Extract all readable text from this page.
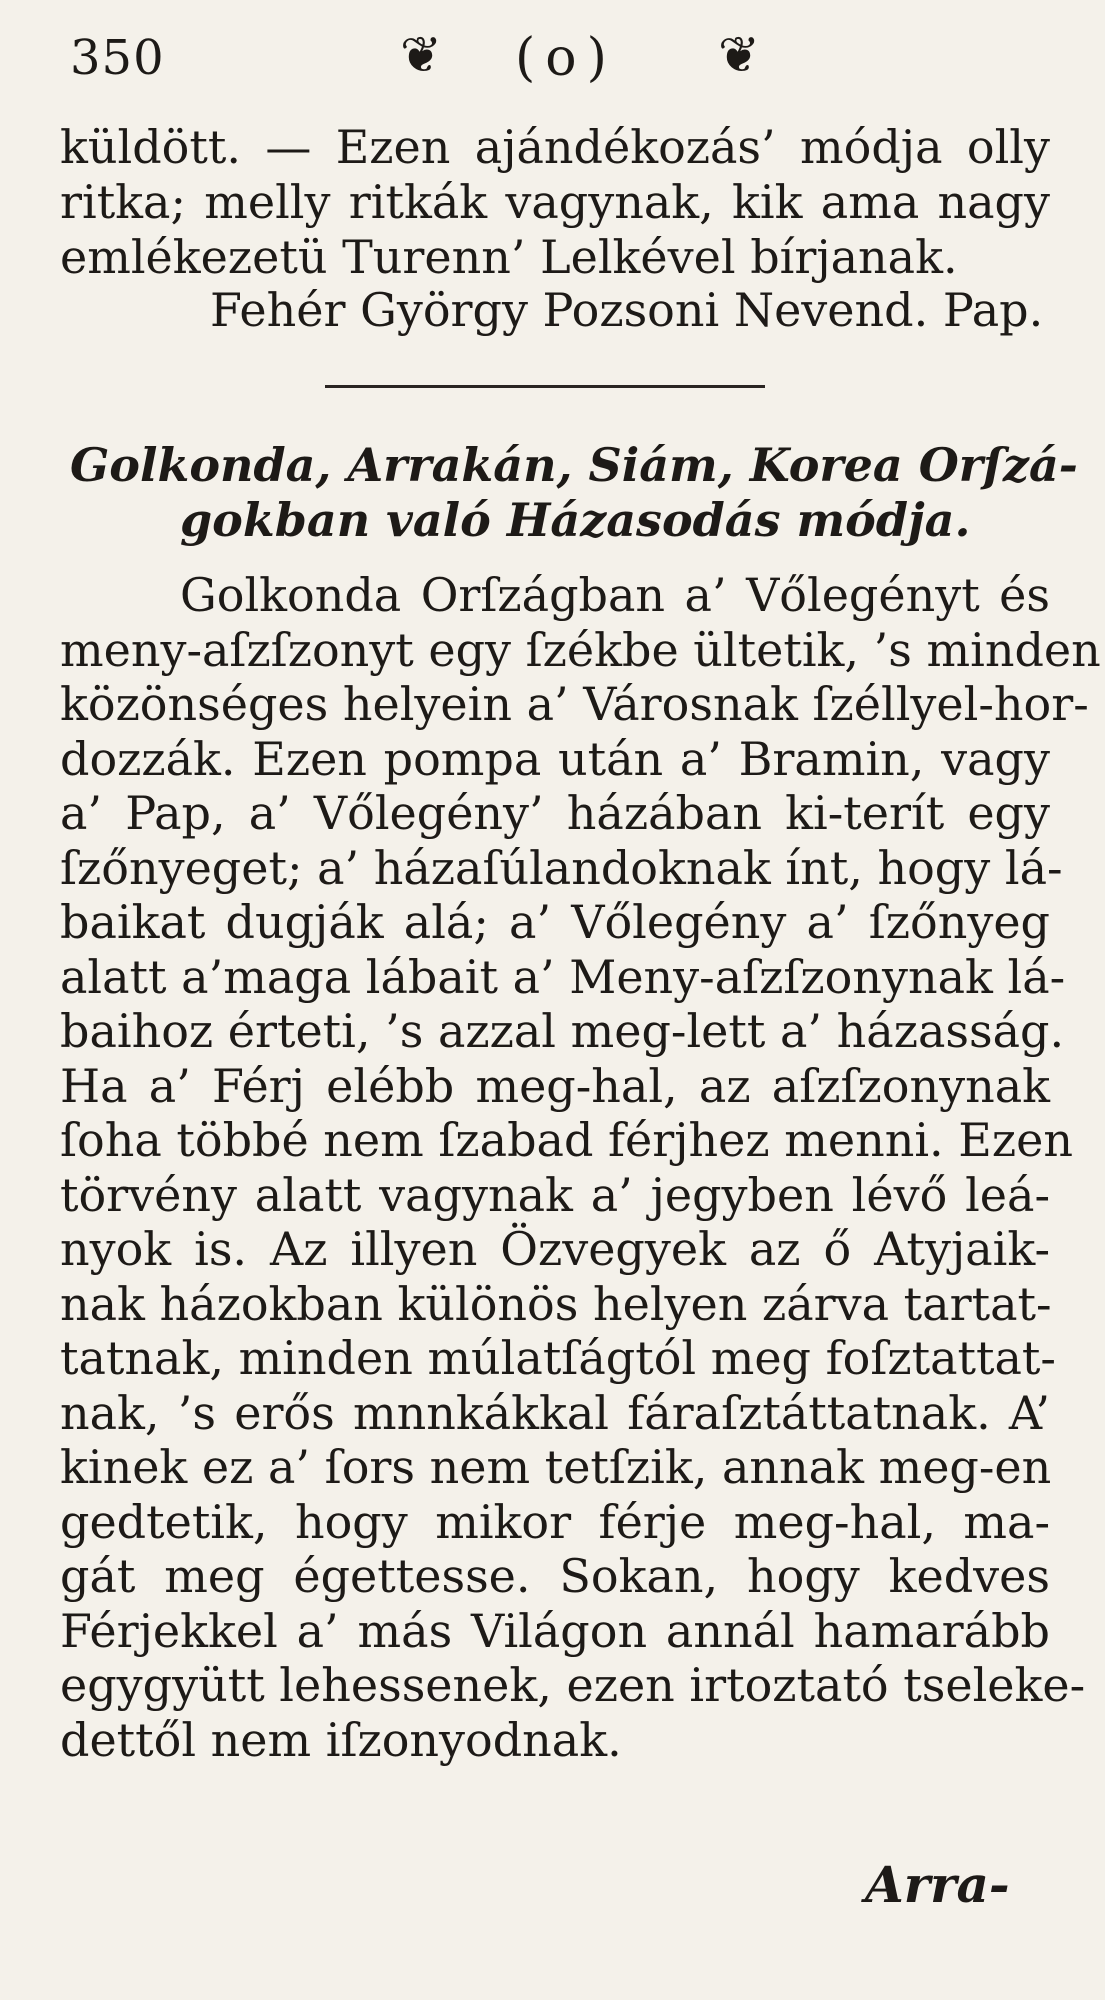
350	❦ (o) ❦
küldött. — Ezen ajándékozás’ módja olly
ritka; melly ritkák vagynak, kik ama nagy
emlékezetü Turenn’ Lelkével bírjanak.
Fehér György Pozsoni Nevend. Pap.
Golkonda, Arrakán, Siám, Korea Orſzá-
gokban való Házasodás módja.
Golkonda Orſzágban a’ Vőlegényt és
meny-aſzſzonyt egy ſzékbe ültetik, ’s minden
közönséges helyein a’ Városnak ſzéllyel-hor-
dozzák. Ezen pompa után a’ Bramin, vagy
a’ Pap, a’ Vőlegény’ házában ki-terít egy
ſzőnyeget; a’ házaſúlandoknak ínt, hogy lá-
baikat dugják alá; a’ Vőlegény a’ ſzőnyeg
alatt a’maga lábait a’ Meny-aſzſzonynak lá-
baihoz érteti, ’s azzal meg-lett a’ házasság.
Ha a’ Férj elébb meg-hal, az aſzſzonynak
ſoha többé nem ſzabad férjhez menni. Ezen
törvény alatt vagynak a’ jegyben lévő leá-
nyok is. Az illyen Özvegyek az ő Atyjaik-
nak házokban különös helyen zárva tartat-
tatnak, minden múlatſágtól meg foſztattat-
nak, ’s erős mnnkákkal fáraſztáttatnak. A’
kinek ez a’ ſors nem tetſzik, annak meg-en
gedtetik, hogy mikor férje meg-hal, ma-
gát meg égettesse. Sokan, hogy kedves
Férjekkel a’ más Világon annál hamarább
egygyütt lehessenek, ezen irtoztató tseleke-
dettől nem iſzonyodnak.
Arra-
